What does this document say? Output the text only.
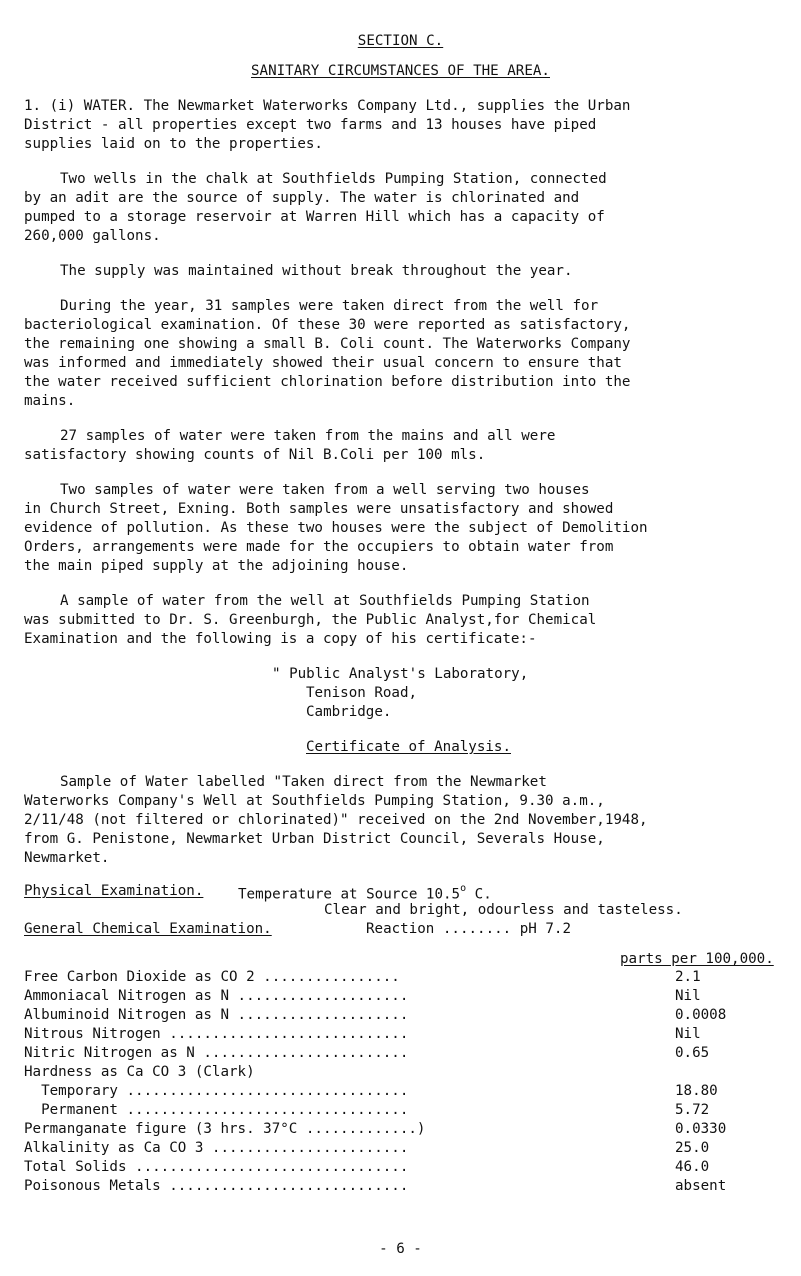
SECTION C.
SANITARY CIRCUMSTANCES OF THE AREA.
1. (i) WATER. The Newmarket Waterworks Company Ltd., supplies the Urban
District - all properties except two farms and 13 houses have piped
supplies laid on to the properties.
Two wells in the chalk at Southfields Pumping Station, connected
by an adit are the source of supply. The water is chlorinated and
pumped to a storage reservoir at Warren Hill which has a capacity of
260,000 gallons.
The supply was maintained without break throughout the year.
During the year, 31 samples were taken direct from the well for
bacteriological examination. Of these 30 were reported as satisfactory,
the remaining one showing a small B. Coli count. The Waterworks Company
was informed and immediately showed their usual concern to ensure that
the water received sufficient chlorination before distribution into the
mains.
27 samples of water were taken from the mains and all were
satisfactory showing counts of Nil B.Coli per 100 mls.
Two samples of water were taken from a well serving two houses
in Church Street, Exning. Both samples were unsatisfactory and showed
evidence of pollution. As these two houses were the subject of Demolition
Orders, arrangements were made for the occupiers to obtain water from
the main piped supply at the adjoining house.
A sample of water from the well at Southfields Pumping Station
was submitted to Dr. S. Greenburgh, the Public Analyst,for Chemical
Examination and the following is a copy of his certificate:-
" Public Analyst's Laboratory,
Tenison Road,
Cambridge.
Certificate of Analysis.
Sample of Water labelled "Taken direct from the Newmarket
Waterworks Company's Well at Southfields Pumping Station, 9.30 a.m.,
2/11/48 (not filtered or chlorinated)" received on the 2nd November,1948,
from G. Penistone, Newmarket Urban District Council, Severals House,
Newmarket.
Physical Examination. Temperature at Source 10.5$^o$ C.
Clear and bright, odourless and tasteless.
General Chemical Examination.	Reaction ........ pH 7.2
parts per 100,000.
Free Carbon Dioxide as CO 2 ................	2.1
Ammoniacal Nitrogen as N ....................	Nil
Albuminoid Nitrogen as N ....................	0.0008
Nitrous Nitrogen ............................	Nil
Nitric Nitrogen as N ........................	0.65
Hardness as Ca CO 3 (Clark)
Temporary .................................	18.80
Permanent .................................	5.72
Permanganate figure (3 hrs. 37°C .............)	0.0330
Alkalinity as Ca CO 3 .......................	25.0
Total Solids ................................	46.0
Poisonous Metals ............................	absent
- 6 -
